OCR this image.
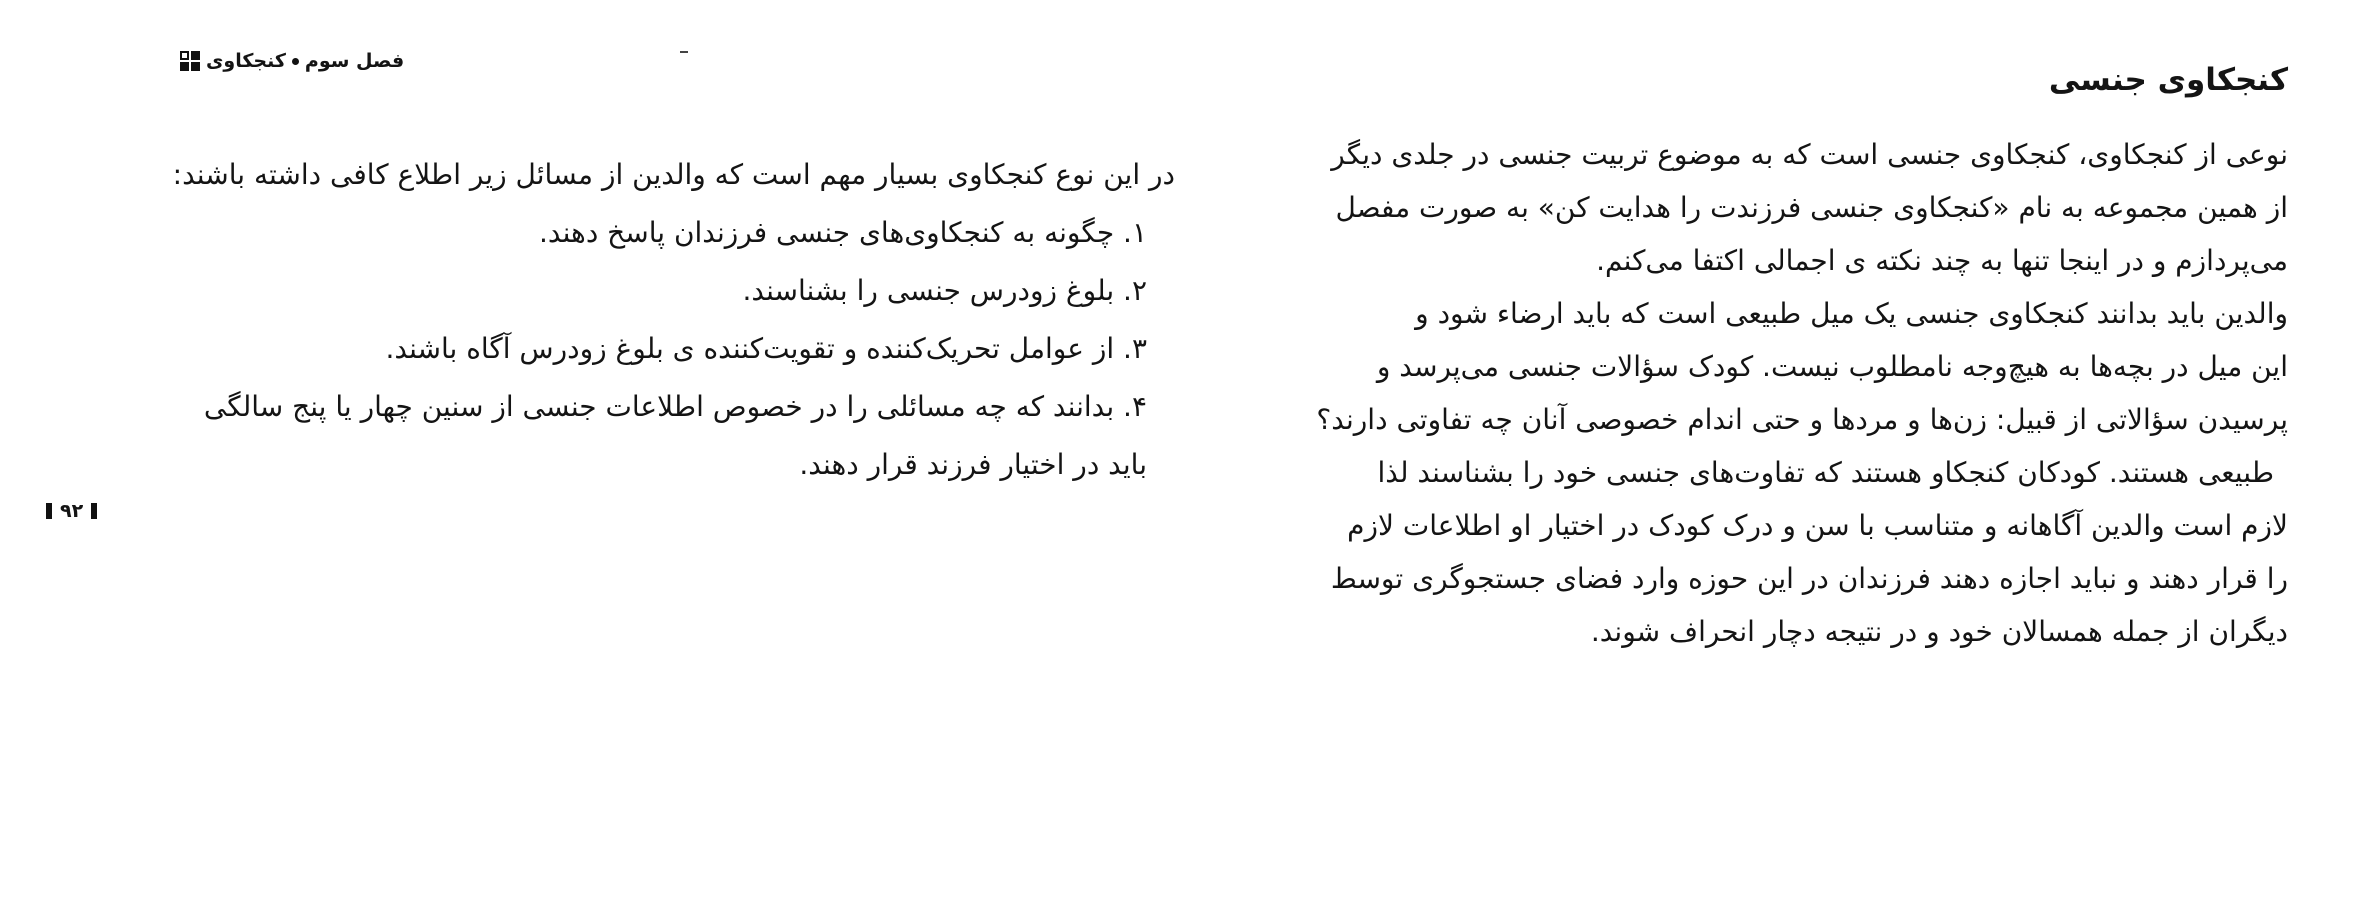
فصل سوم
کنجکاوی
۹۲
در این نوع کنجکاوی بسیار مهم است که والدین از مسائل زیر اطلاع کافی داشته باشند:
۱. چگونه به کنجکاوی‌های جنسی فرزندان پاسخ دهند.
۲. بلوغ زودرس جنسی را بشناسند.
۳. از عوامل تحریک‌کننده و تقویت‌کننده ی بلوغ زودرس آگاه باشند.
۴. بدانند که چه مسائلی را در خصوص اطلاعات جنسی از سنین چهار یا پنج سالگی
باید در اختیار فرزند قرار دهند.
کنجکاوی جنسی
نوعی از کنجکاوی، کنجکاوی جنسی است که به موضوع تربیت جنسی در جلدی دیگر
از همین مجموعه به نام «کنجکاوی جنسی فرزندت را هدایت کن» به صورت مفصل
می‌پردازم و در اینجا تنها به چند نکته ی اجمالی اکتفا می‌کنم.
والدین باید بدانند کنجکاوی جنسی یک میل طبیعی است که باید ارضاء شود و
این میل در بچه‌ها به هیچ‌وجه نامطلوب نیست. کودک سؤالات جنسی می‌پرسد و
پرسیدن سؤالاتی از قبیل: زن‌ها و مردها و حتی اندام خصوصی آنان چه تفاوتی دارند؟
طبیعی هستند. کودکان کنجکاو هستند که تفاوت‌های جنسی خود را بشناسند لذا
لازم است والدین آگاهانه و متناسب با سن و درک کودک در اختیار او اطلاعات لازم
را قرار دهند و نباید اجازه دهند فرزندان در این حوزه وارد فضای جستجوگری توسط
دیگران از جمله همسالان خود و در نتیجه دچار انحراف شوند.
